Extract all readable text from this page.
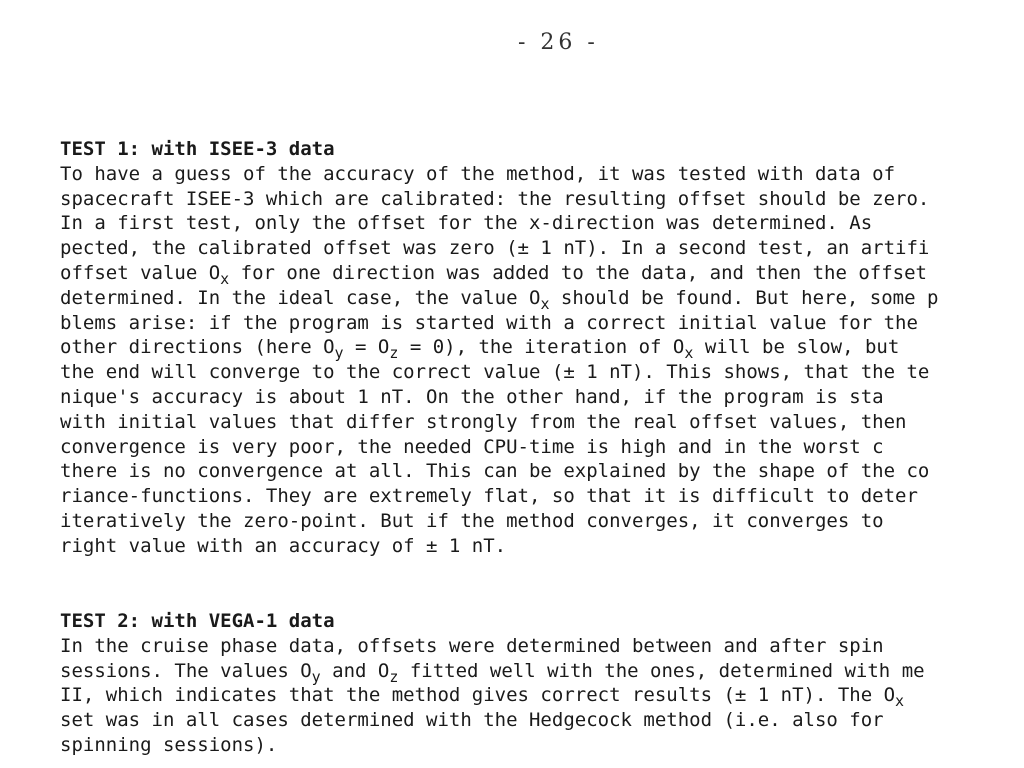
- 26 -
TEST 1: with ISEE-3 data
To have a guess of the accuracy of the method, it was tested with data of
spacecraft ISEE-3 which are calibrated: the resulting offset should be zero.
In a first test, only the offset for the x-direction was determined. As
pected, the calibrated offset was zero (± 1 nT). In a second test, an artifi
offset value $O_x$ for one direction was added to the data, and then the offset
determined. In the ideal case, the value $O_x$ should be found. But here, some p
blems arise: if the program is started with a correct initial value for the
other directions (here $O_y = O_z = 0$), the iteration of $O_x$ will be slow, but
the end will converge to the correct value (± 1 nT). This shows, that the te
nique's accuracy is about 1 nT. On the other hand, if the program is sta
with initial values that differ strongly from the real offset values, then
convergence is very poor, the needed CPU-time is high and in the worst c
there is no convergence at all. This can be explained by the shape of the co
riance-functions. They are extremely flat, so that it is difficult to deter
iteratively the zero-point. But if the method converges, it converges to
right value with an accuracy of ± 1 nT.
TEST 2: with VEGA-1 data
In the cruise phase data, offsets were determined between and after spin
sessions. The values $O_y$ and $O_z$ fitted well with the ones, determined with me
II, which indicates that the method gives correct results (± 1 nT). The $O_x$
set was in all cases determined with the Hedgecock method (i.e. also for
spinning sessions).
